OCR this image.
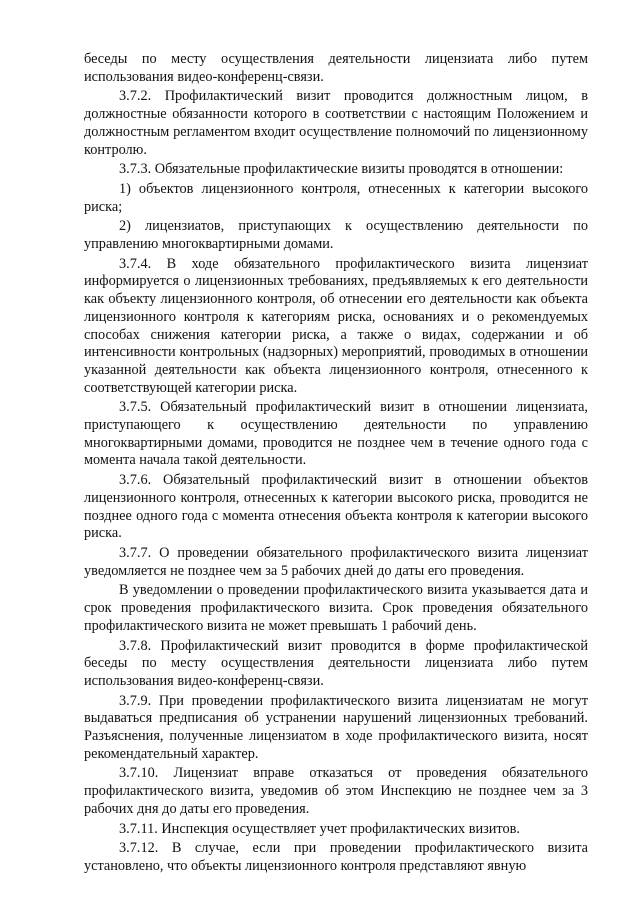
беседы по месту осуществления деятельности лицензиата либо путем использования видео-конференц-связи.

3.7.2. Профилактический визит проводится должностным лицом, в должностные обязанности которого в соответствии с настоящим Положением и должностным регламентом входит осуществление полномочий по лицензионному контролю.

3.7.3. Обязательные профилактические визиты проводятся в отношении:

1) объектов лицензионного контроля, отнесенных к категории высокого риска;

2) лицензиатов, приступающих к осуществлению деятельности по управлению многоквартирными домами.

3.7.4. В ходе обязательного профилактического визита лицензиат информируется о лицензионных требованиях, предъявляемых к его деятельности как объекту лицензионного контроля, об отнесении его деятельности как объекта лицензионного контроля к категориям риска, основаниях и о рекомендуемых способах снижения категории риска, а также о видах, содержании и об интенсивности контрольных (надзорных) мероприятий, проводимых в отношении указанной деятельности как объекта лицензионного контроля, отнесенного к соответствующей категории риска.

3.7.5. Обязательный профилактический визит в отношении лицензиата, приступающего к осуществлению деятельности по управлению многоквартирными домами, проводится не позднее чем в течение одного года с момента начала такой деятельности.

3.7.6. Обязательный профилактический визит в отношении объектов лицензионного контроля, отнесенных к категории высокого риска, проводится не позднее одного года с момента отнесения объекта контроля к категории высокого риска.

3.7.7. О проведении обязательного профилактического визита лицензиат уведомляется не позднее чем за 5 рабочих дней до даты его проведения.

В уведомлении о проведении профилактического визита указывается дата и срок проведения профилактического визита. Срок проведения обязательного профилактического визита не может превышать 1 рабочий день.

3.7.8. Профилактический визит проводится в форме профилактической беседы по месту осуществления деятельности лицензиата либо путем использования видео-конференц-связи.

3.7.9. При проведении профилактического визита лицензиатам не могут выдаваться предписания об устранении нарушений лицензионных требований. Разъяснения, полученные лицензиатом в ходе профилактического визита, носят рекомендательный характер.

3.7.10. Лицензиат вправе отказаться от проведения обязательного профилактического визита, уведомив об этом Инспекцию не позднее чем за 3 рабочих дня до даты его проведения.

3.7.11. Инспекция осуществляет учет профилактических визитов.

3.7.12. В случае, если при проведении профилактического визита установлено, что объекты лицензионного контроля представляют явную
